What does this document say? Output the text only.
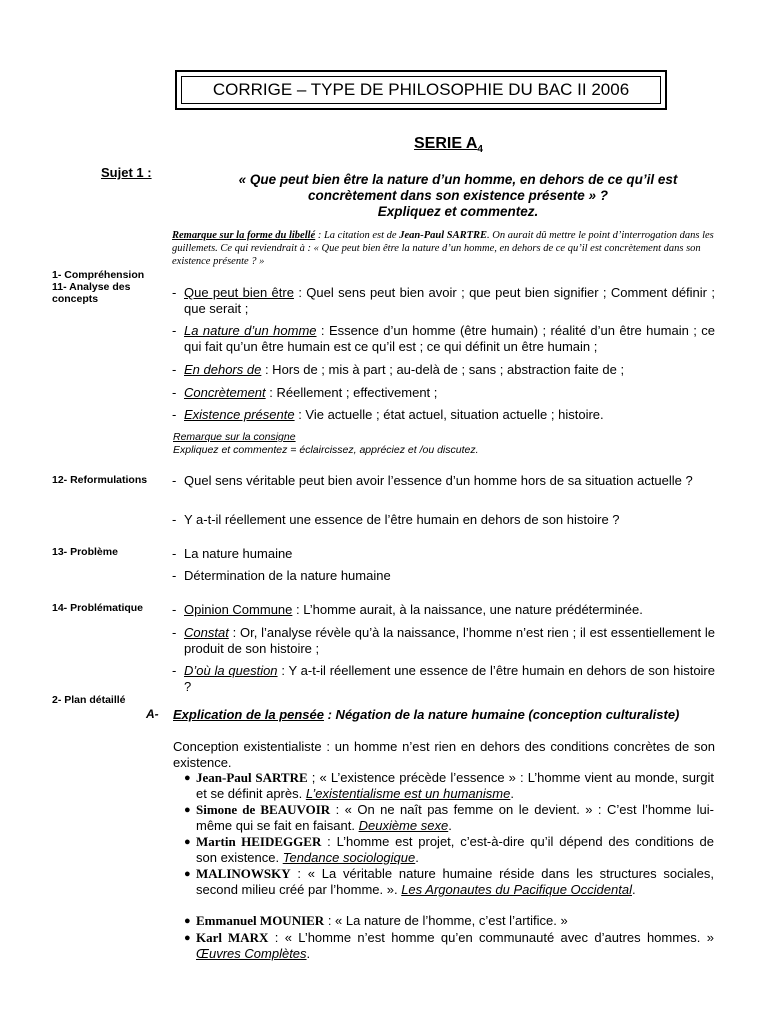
CORRIGE – TYPE DE PHILOSOPHIE DU BAC II 2006
SERIE $A_4$
Sujet 1 :	« Que peut bien être la nature d’un homme, en dehors de ce qu’il est
concrètement dans son existence présente » ?
Expliquez et commentez.
Remarque sur la forme du libellé : La citation est de Jean-Paul SARTRE. On aurait dû mettre le point d’interrogation dans les guillemets. Ce qui reviendrait à : « Que peut bien être la nature d’un homme, en dehors de ce qu’il est concrètement dans son existence présente ? »
1- Compréhension
11- Analyse des
concepts	- Que peut bien être : Quel sens peut bien avoir ; que peut bien signifier ; Comment définir ; que serait ;
- La nature d’un homme : Essence d’un homme (être humain) ; réalité d’un être humain ; ce qui fait qu’un être humain est ce qu’il est ; ce qui définit un être humain ;
- En dehors de : Hors de ; mis à part ; au-delà de ; sans ; abstraction faite de ;
- Concrètement : Réellement ; effectivement ;
- Existence présente : Vie actuelle ; état actuel, situation actuelle ; histoire.
Remarque sur la consigne
Expliquez et commentez = éclaircissez, appréciez et /ou discutez.
12- Reformulations - Quel sens véritable peut bien avoir l’essence d’un homme hors de sa situation actuelle ?
- Y a-t-il réellement une essence de l’être humain en dehors de son histoire ?
13- Problème	- La nature humaine
- Détermination de la nature humaine
14- Problématique - Opinion Commune : L’homme aurait, à la naissance, une nature prédéterminée.
- Constat : Or, l’analyse révèle qu’à la naissance, l’homme n’est rien ; il est essentiellement le produit de son histoire ;
- D’où la question : Y a-t-il réellement une essence de l’être humain en dehors de son histoire ?
2- Plan détaillé
A- Explication de la pensée : Négation de la nature humaine (conception culturaliste)
Conception existentialiste : un homme n’est rien en dehors des conditions concrètes de son existence.
● Jean-Paul SARTRE ; « L’existence précède l’essence » : L’homme vient au monde, surgit et se définit après. L’existentialisme est un humanisme.
● Simone de BEAUVOIR : « On ne naît pas femme on le devient. » : C’est l’homme lui-même qui se fait en faisant. Deuxième sexe.
● Martin HEIDEGGER : L’homme est projet, c’est-à-dire qu’il dépend des conditions de son existence. Tendance sociologique.
● MALINOWSKY : « La véritable nature humaine réside dans les structures sociales, second milieu créé par l’homme. ». Les Argonautes du Pacifique Occidental.
● Emmanuel MOUNIER : « La nature de l’homme, c’est l’artifice. »
● Karl MARX : « L’homme n’est homme qu’en communauté avec d’autres hommes. » Œuvres Complètes.
